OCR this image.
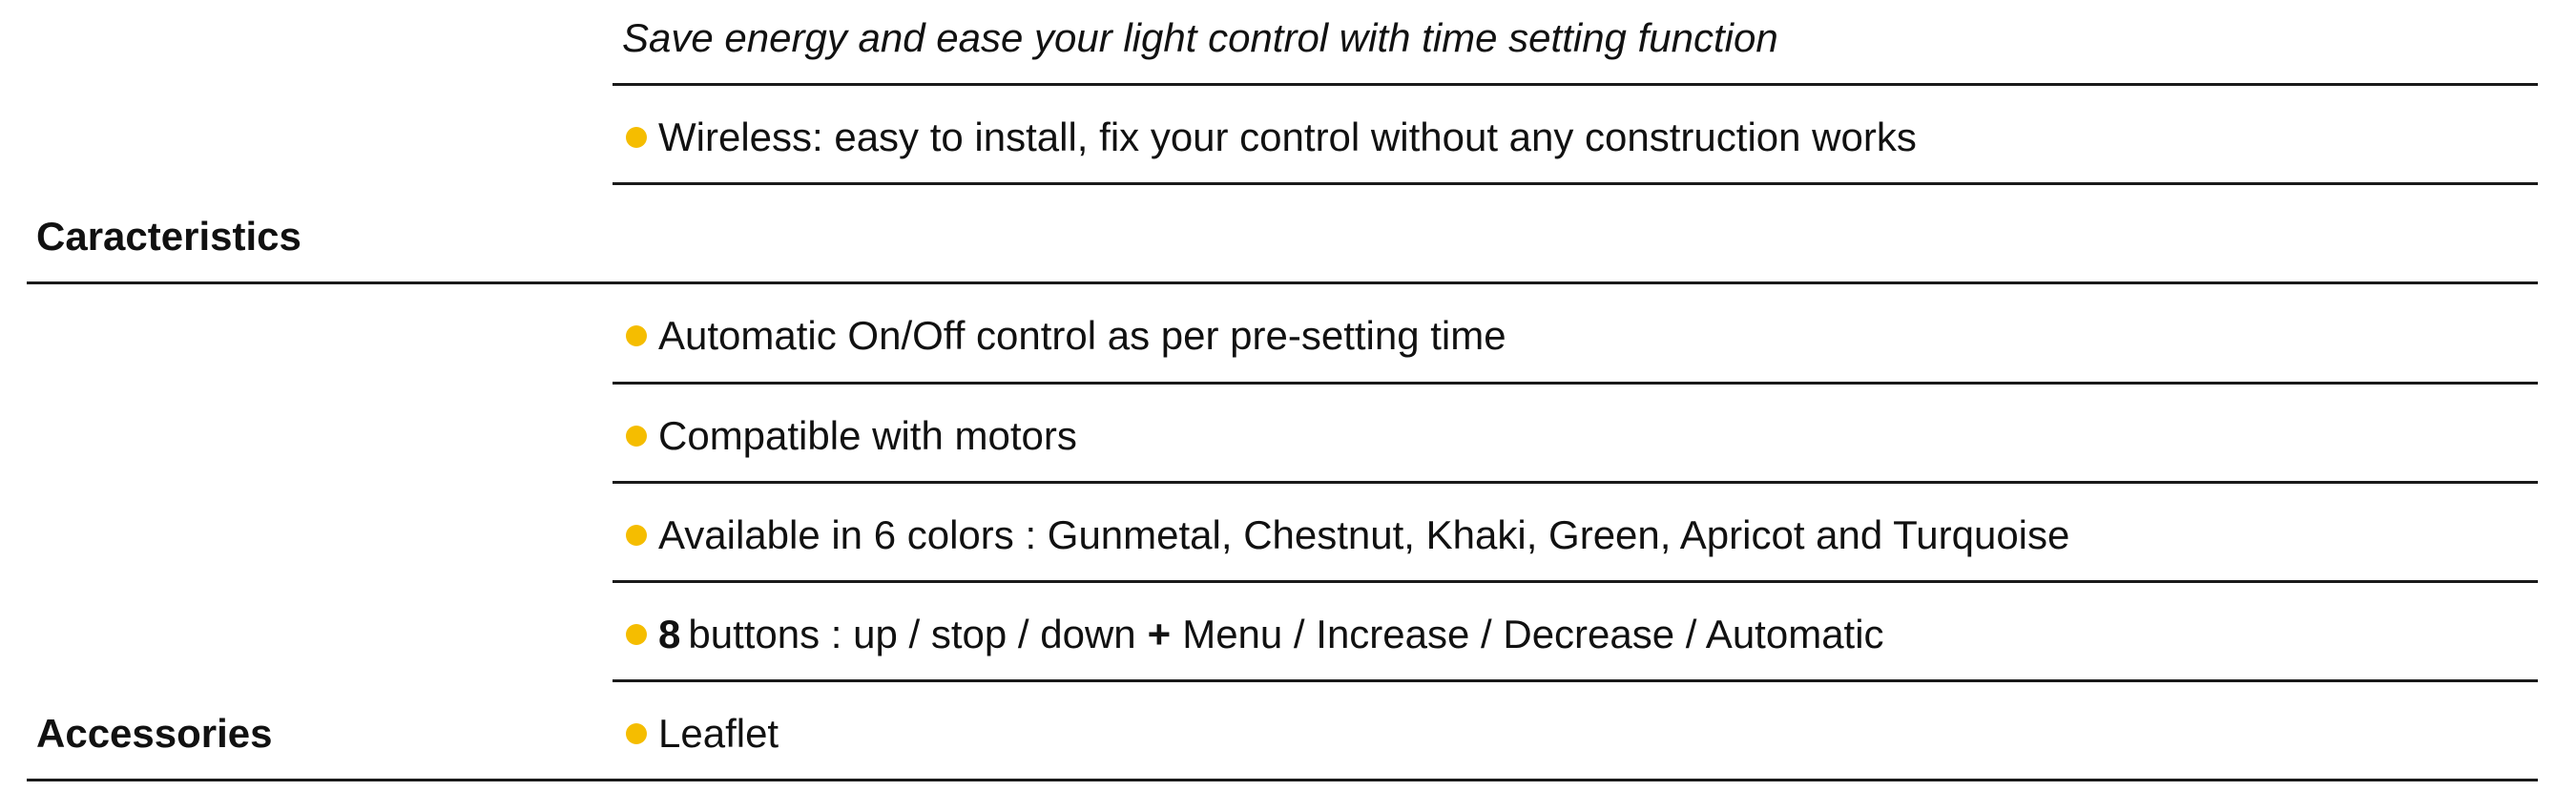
Save energy and ease your light control with time setting function
Wireless: easy to install, fix your control without any construction works
Caracteristics
Automatic On/Off control as per pre-setting time
Compatible with motors
Available in 6 colors : Gunmetal, Chestnut, Khaki, Green, Apricot and Turquoise
8 buttons : up / stop / down + Menu / Increase / Decrease / Automatic
Accessories	Leaflet
